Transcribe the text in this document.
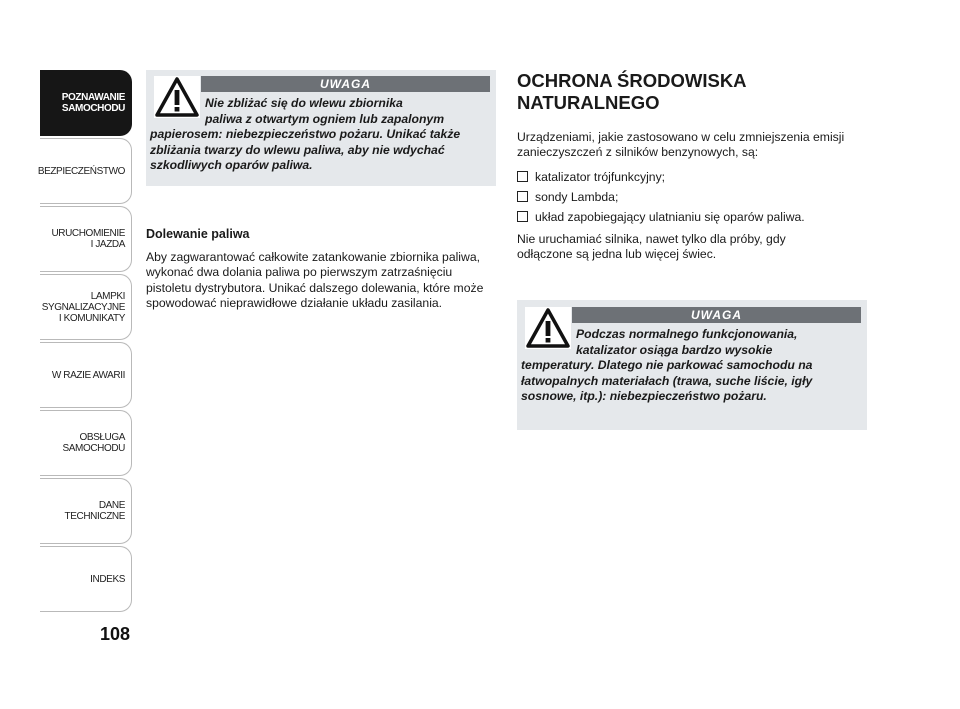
POZNAWANIE
SAMOCHODU
BEZPIECZEŃSTWO
URUCHOMIENIE
I JAZDA
LAMPKI
SYGNALIZACYJNE
I KOMUNIKATY
W RAZIE AWARII
OBSŁUGA
SAMOCHODU
DANE
TECHNICZNE
INDEKS
108
UWAGA
Nie zbliżać się do wlewu zbiornika
paliwa z otwartym ogniem lub zapalonym
papierosem: niebezpieczeństwo pożaru. Unikać także zbliżania twarzy do wlewu paliwa, aby nie wdychać szkodliwych oparów paliwa.
Dolewanie paliwa
Aby zagwarantować całkowite zatankowanie zbiornika paliwa, wykonać dwa dolania paliwa po pierwszym zatrzaśnięciu pistoletu dystrybutora. Unikać dalszego dolewania, które może spowodować nieprawidłowe działanie układu zasilania.
OCHRONA ŚRODOWISKA
NATURALNEGO
Urządzeniami, jakie zastosowano w celu zmniejszenia emisji zanieczyszczeń z silników benzynowych, są:
katalizator trójfunkcyjny;
sondy Lambda;
układ zapobiegający ulatnianiu się oparów paliwa.
Nie uruchamiać silnika, nawet tylko dla próby, gdy odłączone są jedna lub więcej świec.
UWAGA
Podczas normalnego funkcjonowania,
katalizator osiąga bardzo wysokie
temperatury. Dlatego nie parkować samochodu na łatwopalnych materiałach (trawa, suche liście, igły sosnowe, itp.): niebezpieczeństwo pożaru.
